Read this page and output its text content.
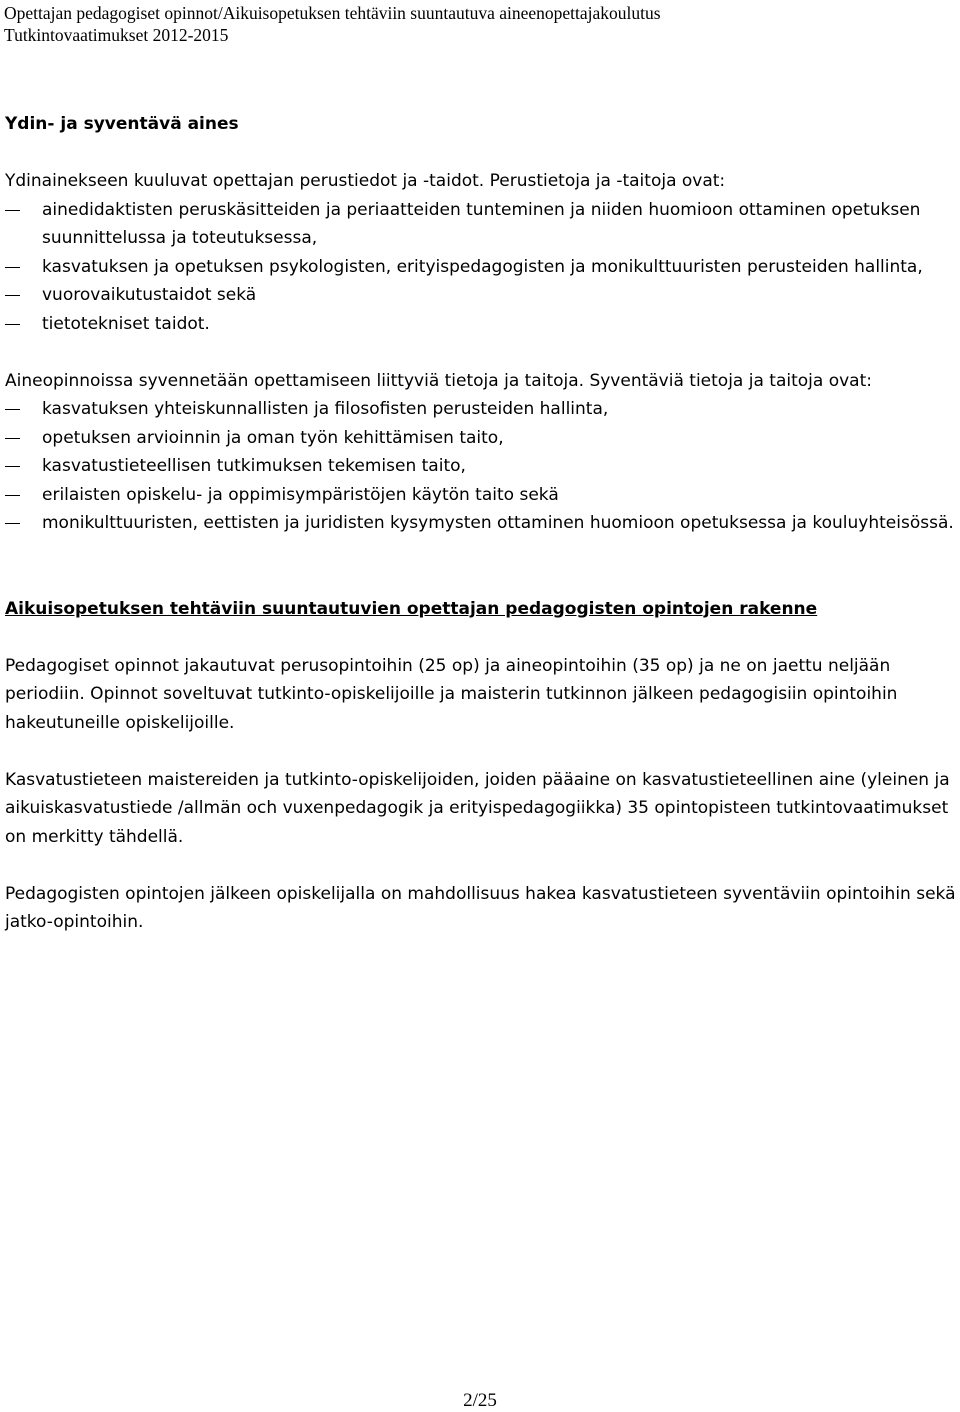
Opettajan pedagogiset opinnot/Aikuisopetuksen tehtäviin suuntautuva aineenopettajakoulutus
Tutkintovaatimukset 2012-2015

Ydin- ja syventävä aines

Ydinainekseen kuuluvat opettajan perustiedot ja -taidot. Perustietoja ja -taitoja ovat:

ainedidaktisten peruskäsitteiden ja periaatteiden tunteminen ja niiden huomioon ottaminen opetuksen suunnittelussa ja toteutuksessa,
kasvatuksen ja opetuksen psykologisten, erityispedagogisten ja monikulttuuristen perusteiden hallinta,
vuorovaikutustaidot sekä
tietotekniset taidot.

Aineopinnoissa syvennetään opettamiseen liittyviä tietoja ja taitoja. Syventäviä tietoja ja taitoja ovat:

kasvatuksen yhteiskunnallisten ja filosofisten perusteiden hallinta,
opetuksen arvioinnin ja oman työn kehittämisen taito,
kasvatustieteellisen tutkimuksen tekemisen taito,
erilaisten opiskelu- ja oppimisympäristöjen käytön taito sekä
monikulttuuristen, eettisten ja juridisten kysymysten ottaminen huomioon opetuksessa ja kouluyhteisössä.

Aikuisopetuksen tehtäviin suuntautuvien opettajan pedagogisten opintojen rakenne

Pedagogiset opinnot jakautuvat perusopintoihin (25 op) ja aineopintoihin (35 op) ja ne on jaettu neljään periodiin. Opinnot soveltuvat tutkinto-opiskelijoille ja maisterin tutkinnon jälkeen pedagogisiin opintoihin hakeutuneille opiskelijoille.

Kasvatustieteen maistereiden ja tutkinto-opiskelijoiden, joiden pääaine on kasvatustieteellinen aine (yleinen ja aikuiskasvatustiede /allmän och vuxenpedagogik ja erityispedagogiikka) 35 opintopisteen tutkintovaatimukset on merkitty tähdellä.

Pedagogisten opintojen jälkeen opiskelijalla on mahdollisuus hakea kasvatustieteen syventäviin opintoihin sekä jatko-opintoihin.

2/25
